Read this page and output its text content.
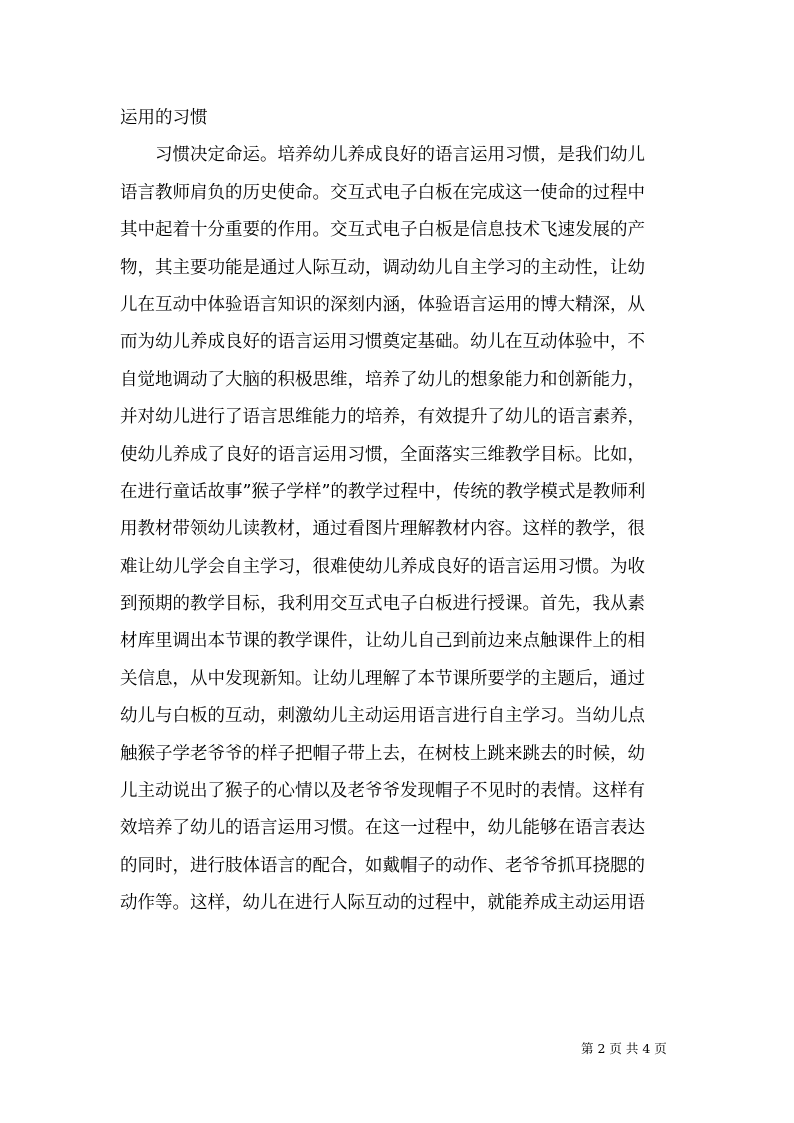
运用的习惯
　　习惯决定命运。培养幼儿养成良好的语言运用习惯，是我们幼儿
语言教师肩负的历史使命。交互式电子白板在完成这一使命的过程中
其中起着十分重要的作用。交互式电子白板是信息技术飞速发展的产
物，其主要功能是通过人际互动，调动幼儿自主学习的主动性，让幼
儿在互动中体验语言知识的深刻内涵，体验语言运用的博大精深，从
而为幼儿养成良好的语言运用习惯奠定基础。幼儿在互动体验中，不
自觉地调动了大脑的积极思维，培养了幼儿的想象能力和创新能力，
并对幼儿进行了语言思维能力的培养，有效提升了幼儿的语言素养，
使幼儿养成了良好的语言运用习惯，全面落实三维教学目标。比如，
在进行童话故事”猴子学样”的教学过程中，传统的教学模式是教师利
用教材带领幼儿读教材，通过看图片理解教材内容。这样的教学，很
难让幼儿学会自主学习，很难使幼儿养成良好的语言运用习惯。为收
到预期的教学目标，我利用交互式电子白板进行授课。首先，我从素
材库里调出本节课的教学课件，让幼儿自己到前边来点触课件上的相
关信息，从中发现新知。让幼儿理解了本节课所要学的主题后，通过
幼儿与白板的互动，刺激幼儿主动运用语言进行自主学习。当幼儿点
触猴子学老爷爷的样子把帽子带上去，在树枝上跳来跳去的时候，幼
儿主动说出了猴子的心情以及老爷爷发现帽子不见时的表情。这样有
效培养了幼儿的语言运用习惯。在这一过程中，幼儿能够在语言表达
的同时，进行肢体语言的配合，如戴帽子的动作、老爷爷抓耳挠腮的
动作等。这样，幼儿在进行人际互动的过程中，就能养成主动运用语
第 2 页 共 4 页
